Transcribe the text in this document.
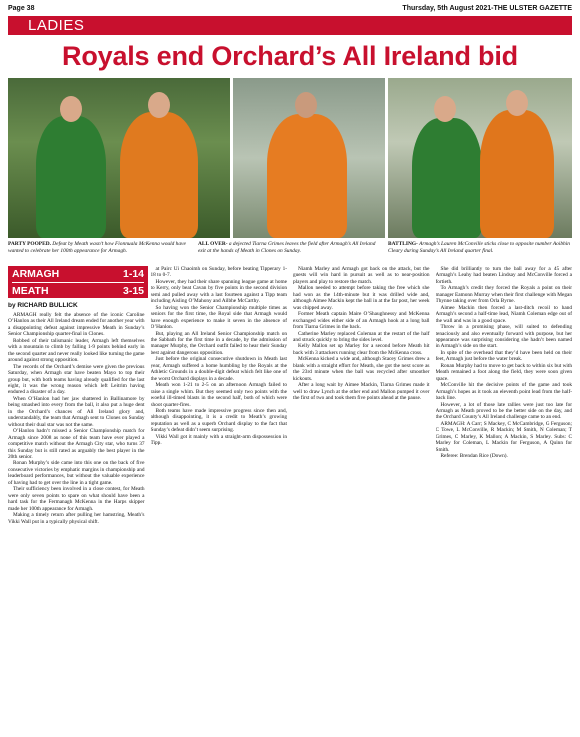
Page 38	Thursday, 5th August 2021-THE ULSTER GAZETTE
LADIES
Royals end Orchard’s All Ireland bid
PARTY POOPED. Defeat by Meath wasn’t how Fionnuala McKenna would have wanted to celebrate her 100th appearance for Armagh.
ALL OVER- a dejected Tiarna Grimes leaves the field after Armagh’s All Ireland exit at the hands of Meath in Clones on Sunday.
BATTLING- Armagh’s Lauren McConville sticks close to opposite number Aoibhin Cleary during Sunday’s All Ireland quarter final.
ARMAGH	1-14
MEATH	3-15
by RICHARD BULLICK

ARMAGH really felt the absence of the iconic Caroline O’Hanlon as their All Ireland dream ended for another year with a disappointing defeat against impressive Meath in Sunday’s Senior Championship quarter-final in Clones.

Robbed of their talismanic leader, Armagh left themselves with a mountain to climb by falling 1-9 points behind early in the second quarter and never really looked like turning the game around against strong opposition.

The records of the Orchard’s demise were given the previous Saturday, when Armagh star have beaten Mayo to top their group but, with both teams having already qualified for the last eight, it was the wrong reason which left Leitrim having endured a disaster of a day.

When O’Hanlon had her jaw shattered in Ballinamore by being smashed into every from the ball, it also put a huge dent in the Orchard’s chances of All Ireland glory and, understandably, the team that Armagh sent to Clones on Sunday without their dual star was not the same.

O’Hanlon hadn’t missed a Senior Championship match for Armagh since 2008 as none of this team have ever played a competitive match without the Armagh City star, who turns 37 this Sunday but is still rated as arguably the best player in the 20th senior.

Ronan Murphy’s side came into this one on the back of five consecutive victories by emphatic margins in championship and leaderboard performances, but without the valuable experience of having had to get over the line in a tight game.

Their sufficiency been involved in a close contest, for Meath were only seven points to spare on what should have been a hard task for the Fermanagh McKenna in the Harps skipper made her 100th appearance for Armagh.

Making a timely return after pulling her hamstring, Meath’s Vikki Wall put in a typically physical shift.

at Pairc Ui Chaoimh on Sunday, before beating Tipperary 1-18 to 0-7.

However, they had their share spanning league game at home to Kerry, only beat Cavan by five points in the second division semi and pulled away with a last fourteen against a Tipp team including Aisling O’Mahony and Ailbhe McCarthy.

So having won the Senior Championship multiple times as seniors for the first time, the Royal side that Armagh would have enough experience to make it seven in the absence of O’Hanlon.

But, playing an All Ireland Senior Championship match on the Sabbath for the first time in a decade, by the admission of manager Murphy, the Orchard outfit failed to hear their Sunday best against dangerous opposition.

Just before the original consecutive shutdown in Meath last year, Armagh suffered a home humbling by the Royals at the Athletic Grounds in a double-digit defeat which felt like one of the worst Orchard displays in a decade.

Meath won 1-21 to 2-5 on an afternoon Armagh failed to raise a single whim. But they seemed only two points with the woeful ill-timed blasts in the second half, both of which were shoot quarter-fires.

Both teams have made impressive progress since then and, although disappointing, it is a credit to Meath’s growing reputation as well as a superb Orchard display to the fact that Sunday’s defeat didn’t seem surprising.

Vikki Wall got it mainly with a straight-arm dispossession in Tipp.

Niamh Marley and Armagh got back on the attack, but the guests will win hard in pursuit as well as to near-position players and play to restore the match.

Mallon needed to attempt before taking the free which she had won as the 14th-minute but it was drilled wide and, although Aimee Mackin kept the ball in at the far post, her week was chipped away.

Former Meath captain Maire O’Shaughnessy and McKenna exchanged wides either side of an Armagh hook at a long ball from Tiarna Grimes in the back.

Catherine Marley replaced Coleman at the restart of the half and struck quickly to bring the sides level.

Kelly Mallon set up Marley for a second before Meath hit back with 3 attackers running clear from the McKenna cross.

McKenna kicked a wide and, although Stacey Grimes drew a blank with a straight effort for Meath, she got the next score as the 23rd minute when the ball was recycled after smoother kickouts.

After a long wait by Aimee Mackin, Tiarna Grimes made it well to draw Lynch at the other end and Mallon pumped it over the first of two and took them five points ahead at the pause.

She did brilliantly to turn the ball away for a 45 after Armagh’s Leahy had beaten Lindsay and McConville forced a fortieth.

To Armagh’s credit they forced the Royals a point on their manager Eamonn Murray when their first challenge with Megan Thynne taking over from Orla Byrne.

Aimee Mackin then forced a last-ditch recoil to hand Armagh’s second a half-time lead, Niamh Coleman edge out of the wall and was in a good space.

Throw in a promising phase, will suited to defending tenaciously and also eventually forward with purpose, but her appearance was surprising considering she hadn’t been named in Armagh’s side on the start.

In spite of the overhead that they’d have been held on their feet, Armagh just before the water break.

Ronan Murphy had to move to get back to within six but with Meath remained a foot along the field, they were soon given space.

McConville hit the decisive points of the game and took Armagh’s hopes as it took an eleventh point lead from the half-back line.

However, a lot of those late rallies were just too late for Armagh as Meath proved to be the better side on the day, and the Orchard County’s All Ireland challenge came to an end.

ARMAGH: A Carr; S Mackey, C McCambridge, G Ferguson; C Towe, L McConville, R Mackin; M Smith, N Coleman; T Grimes, C Marley, K Mallon; A Mackin, S Marley. Subs: C Marley for Coleman, L Mackin for Ferguson, A Quinn for Smith.

Referee: Brendan Rice (Down).
